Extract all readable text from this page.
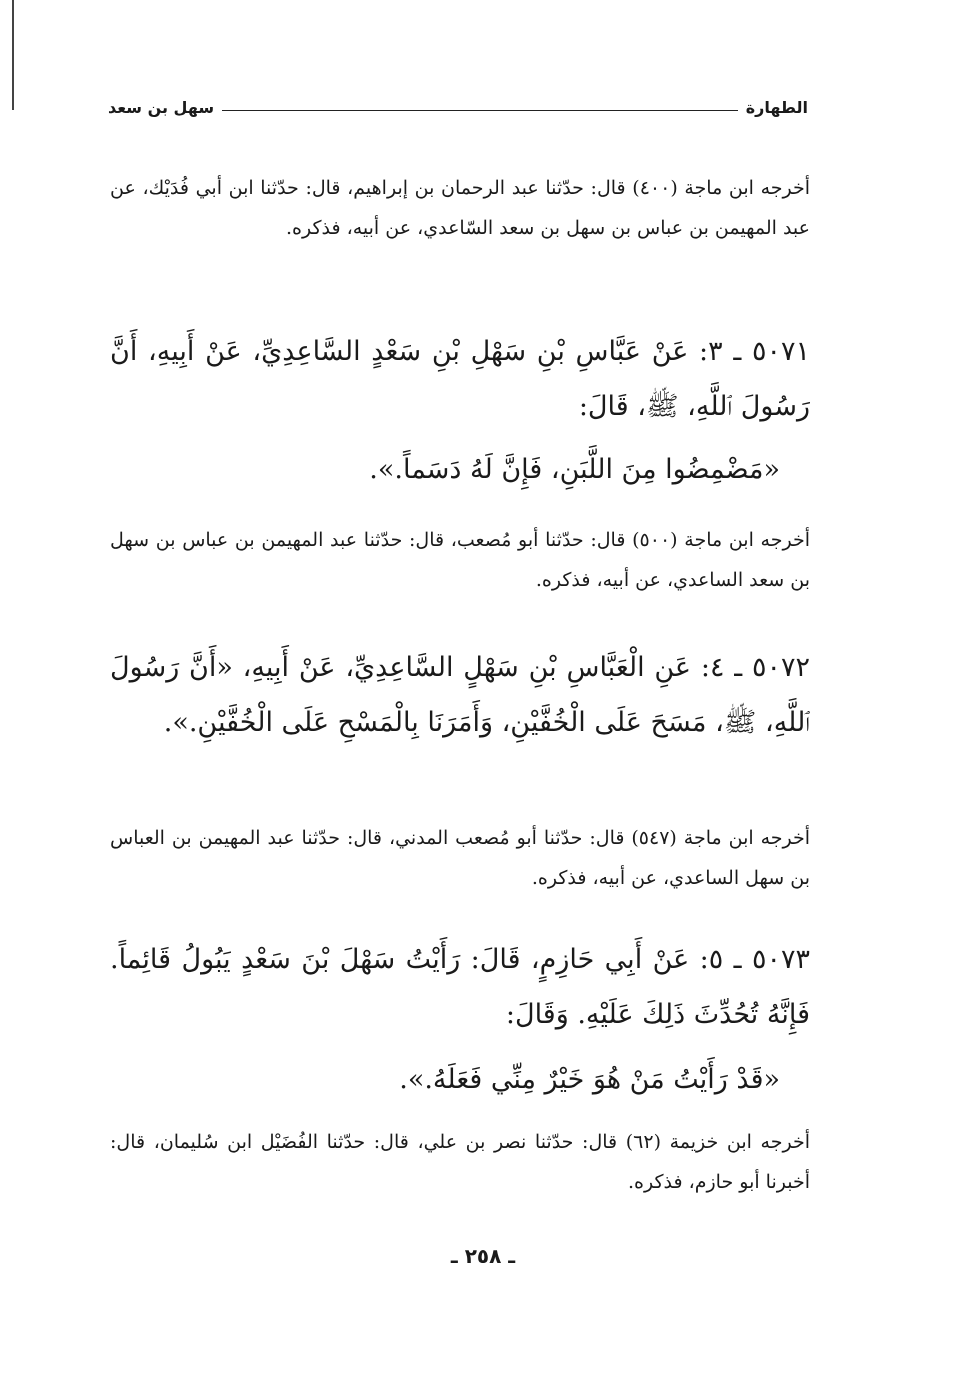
الطهارة
سهل بن سعد
أخرجه ابن ماجة (٤٠٠) قال: حدّثنا عبد الرحمان بن إبراهيم، قال: حدّثنا ابن أبي فُدَيْك، عن عبد المهيمن بن عباس بن سهل بن سعد السّاعدي، عن أبيه، فذكره.
٥٠٧١ ـ ٣: عَنْ عَبَّاسِ بْنِ سَهْلِ بْنِ سَعْدٍ السَّاعِدِيِّ، عَنْ أَبِيهِ، أَنَّ رَسُولَ ٱللَّهِ، ﷺ، قَالَ:
«مَضْمِضُوا مِنَ اللَّبَنِ، فَإِنَّ لَهُ دَسَماً.».
أخرجه ابن ماجة (٥٠٠) قال: حدّثنا أبو مُصعب، قال: حدّثنا عبد المهيمن بن عباس بن سهل بن سعد الساعدي، عن أبيه، فذكره.
٥٠٧٢ ـ ٤: عَنِ الْعَبَّاسِ بْنِ سَهْلٍ السَّاعِدِيِّ، عَنْ أَبِيهِ، «أَنَّ رَسُولَ ٱللَّهِ، ﷺ، مَسَحَ عَلَى الْخُفَّيْنِ، وَأَمَرَنَا بِالْمَسْحِ عَلَى الْخُفَّيْنِ.».
أخرجه ابن ماجة (٥٤٧) قال: حدّثنا أبو مُصعب المدني، قال: حدّثنا عبد المهيمن بن العباس بن سهل الساعدي، عن أبيه، فذكره.
٥٠٧٣ ـ ٥: عَنْ أَبِي حَازِمٍ، قَالَ: رَأَيْتُ سَهْلَ بْنَ سَعْدٍ يَبُولُ قَائِماً. فَإِنَّهُ تُحُدِّثَ ذَلِكَ عَلَيْهِ. وَقَالَ:
«قَدْ رَأَيْتُ مَنْ هُوَ خَيْرٌ مِنِّي فَعَلَهُ.».
أخرجه ابن خزيمة (٦٢) قال: حدّثنا نصر بن علي، قال: حدّثنا الفُضَيْل ابن سُليمان، قال: أخبرنا أبو حازم، فذكره.
ـ ٢٥٨ ـ
